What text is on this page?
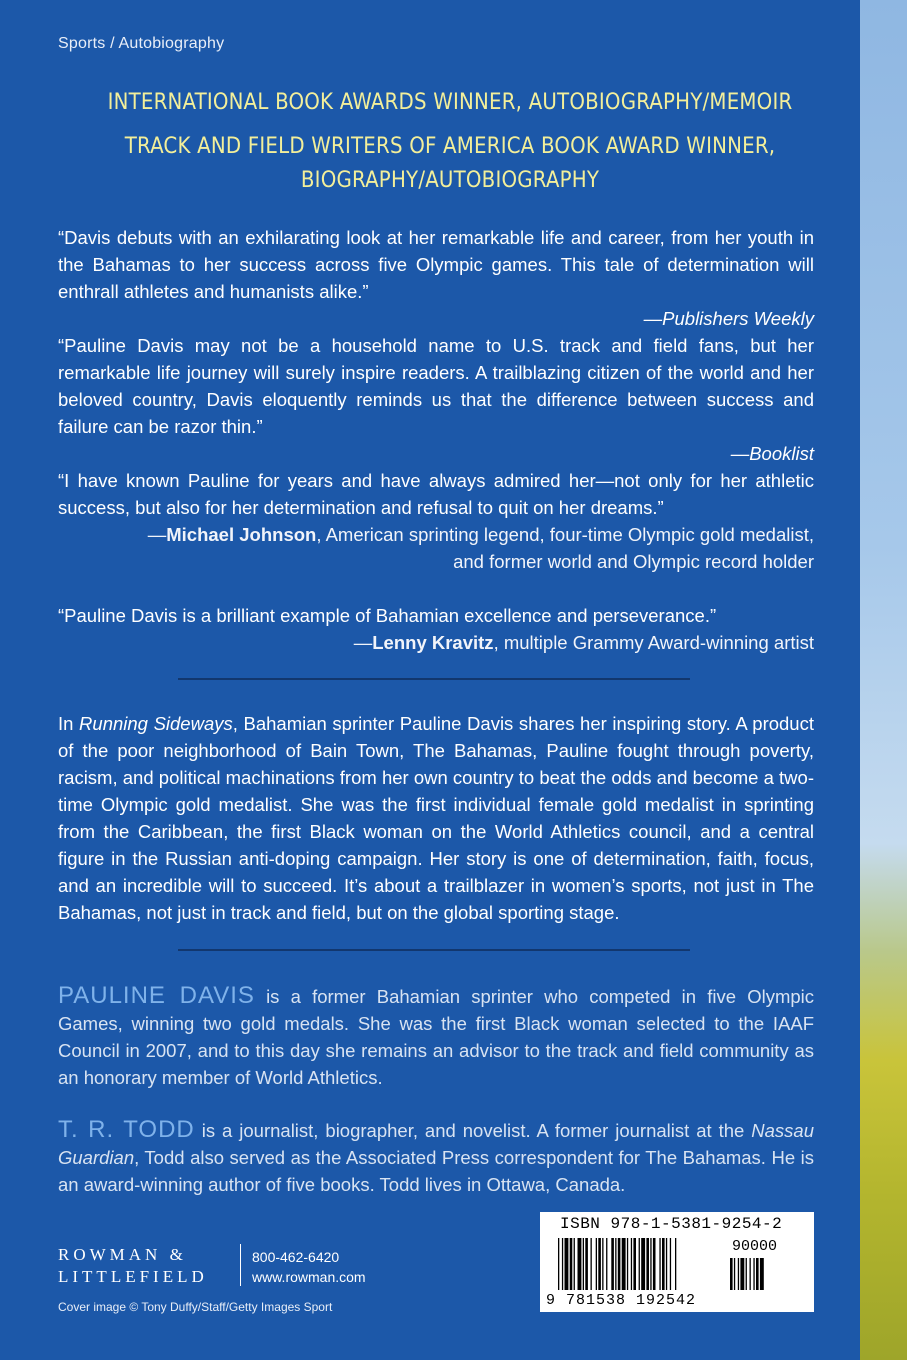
Sports / Autobiography
INTERNATIONAL BOOK AWARDS WINNER, AUTOBIOGRAPHY/MEMOIR
TRACK AND FIELD WRITERS OF AMERICA BOOK AWARD WINNER,
BIOGRAPHY/AUTOBIOGRAPHY
“Davis debuts with an exhilarating look at her remarkable life and career, from her youth in the Bahamas to her success across five Olympic games. This tale of determination will enthrall athletes and humanists alike.”
—Publishers Weekly
“Pauline Davis may not be a household name to U.S. track and field fans, but her remarkable life journey will surely inspire readers. A trailblazing citizen of the world and her beloved country, Davis eloquently reminds us that the difference between success and failure can be razor thin.”
—Booklist
“I have known Pauline for years and have always admired her—not only for her athletic success, but also for her determination and refusal to quit on her dreams.”
—Michael Johnson, American sprinting legend, four-time Olympic gold medalist,
and former world and Olympic record holder
“Pauline Davis is a brilliant example of Bahamian excellence and perseverance.”
—Lenny Kravitz, multiple Grammy Award-winning artist
In Running Sideways, Bahamian sprinter Pauline Davis shares her inspiring story. A product of the poor neighborhood of Bain Town, The Bahamas, Pauline fought through poverty, racism, and political machinations from her own country to beat the odds and become a two-time Olympic gold medalist. She was the first individual female gold medalist in sprinting from the Caribbean, the first Black woman on the World Athletics council, and a central figure in the Russian anti-doping campaign. Her story is one of determination, faith, focus, and an incredible will to succeed. It’s about a trailblazer in women’s sports, not just in The Bahamas, not just in track and field, but on the global sporting stage.
PAULINE DAVIS is a former Bahamian sprinter who competed in five Olympic Games, winning two gold medals. She was the first Black woman selected to the IAAF Council in 2007, and to this day she remains an advisor to the track and field community as an honorary member of World Athletics.
T. R. TODD is a journalist, biographer, and novelist. A former journalist at the Nassau Guardian, Todd also served as the Associated Press correspondent for The Bahamas. He is an award-winning author of five books. Todd lives in Ottawa, Canada.
ROWMAN &
LITTLEFIELD
800-462-6420
www.rowman.com
Cover image © Tony Duffy/Staff/Getty Images Sport
ISBN 978-1-5381-9254-2
90000
9 781538 192542
